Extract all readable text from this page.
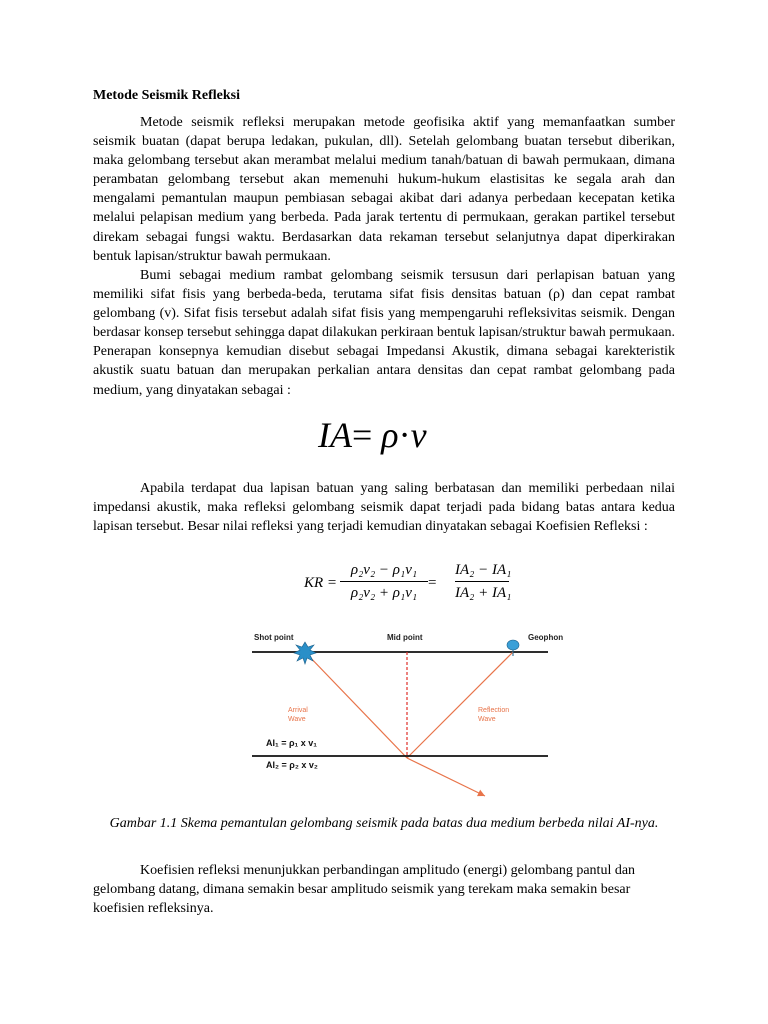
Metode Seismik Refleksi

Metode seismik refleksi merupakan metode geofisika aktif yang memanfaatkan sumber seismik buatan (dapat berupa ledakan, pukulan, dll). Setelah gelombang buatan tersebut diberikan, maka gelombang tersebut akan merambat melalui medium tanah/batuan di bawah permukaan, dimana perambatan gelombang tersebut akan memenuhi hukum-hukum elastisitas ke segala arah dan mengalami pemantulan maupun pembiasan sebagai akibat dari adanya perbedaan kecepatan ketika melalui pelapisan medium yang berbeda. Pada jarak tertentu di permukaan, gerakan partikel tersebut direkam sebagai fungsi waktu. Berdasarkan data rekaman tersebut selanjutnya dapat diperkirakan bentuk lapisan/struktur bawah permukaan.

Bumi sebagai medium rambat gelombang seismik tersusun dari perlapisan batuan yang memiliki sifat fisis yang berbeda-beda, terutama sifat fisis densitas batuan (ρ) dan cepat rambat gelombang (v). Sifat fisis tersebut adalah sifat fisis yang mempengaruhi refleksivitas seismik. Dengan berdasar konsep tersebut sehingga dapat dilakukan perkiraan bentuk lapisan/struktur bawah permukaan. Penerapan konsepnya kemudian disebut sebagai Impedansi Akustik, dimana sebagai karekteristik akustik suatu batuan dan merupakan perkalian antara densitas dan cepat rambat gelombang pada medium, yang dinyatakan sebagai :

IA= ρ·v

Apabila terdapat dua lapisan batuan yang saling berbatasan dan memiliki perbedaan nilai impedansi akustik, maka refleksi gelombang seismik dapat terjadi pada bidang batas antara kedua lapisan tersebut. Besar nilai refleksi yang terjadi kemudian dinyatakan sebagai Koefisien Refleksi :

KR = $\frac{\text{ρ₂v₂ − ρ₁v₁}}{\text{ρ₂v₂ + ρ₁v₁}} = \frac{\text{IA₂ − IA₁}}{\text{IA₂ + IA₁}}$
Shot point	Mid point	Geophon
Arrival
Wave
Reflection
Wave
AI₁ = ρ₁ x v₁
AI₂ = ρ₂ x v₂

Gambar 1.1 Skema pemantulan gelombang seismik pada batas dua medium berbeda nilai AI-nya.

Koefisien refleksi menunjukkan perbandingan amplitudo (energi) gelombang pantul dan gelombang datang, dimana semakin besar amplitudo seismik yang terekam maka semakin besar koefisien refleksinya.
